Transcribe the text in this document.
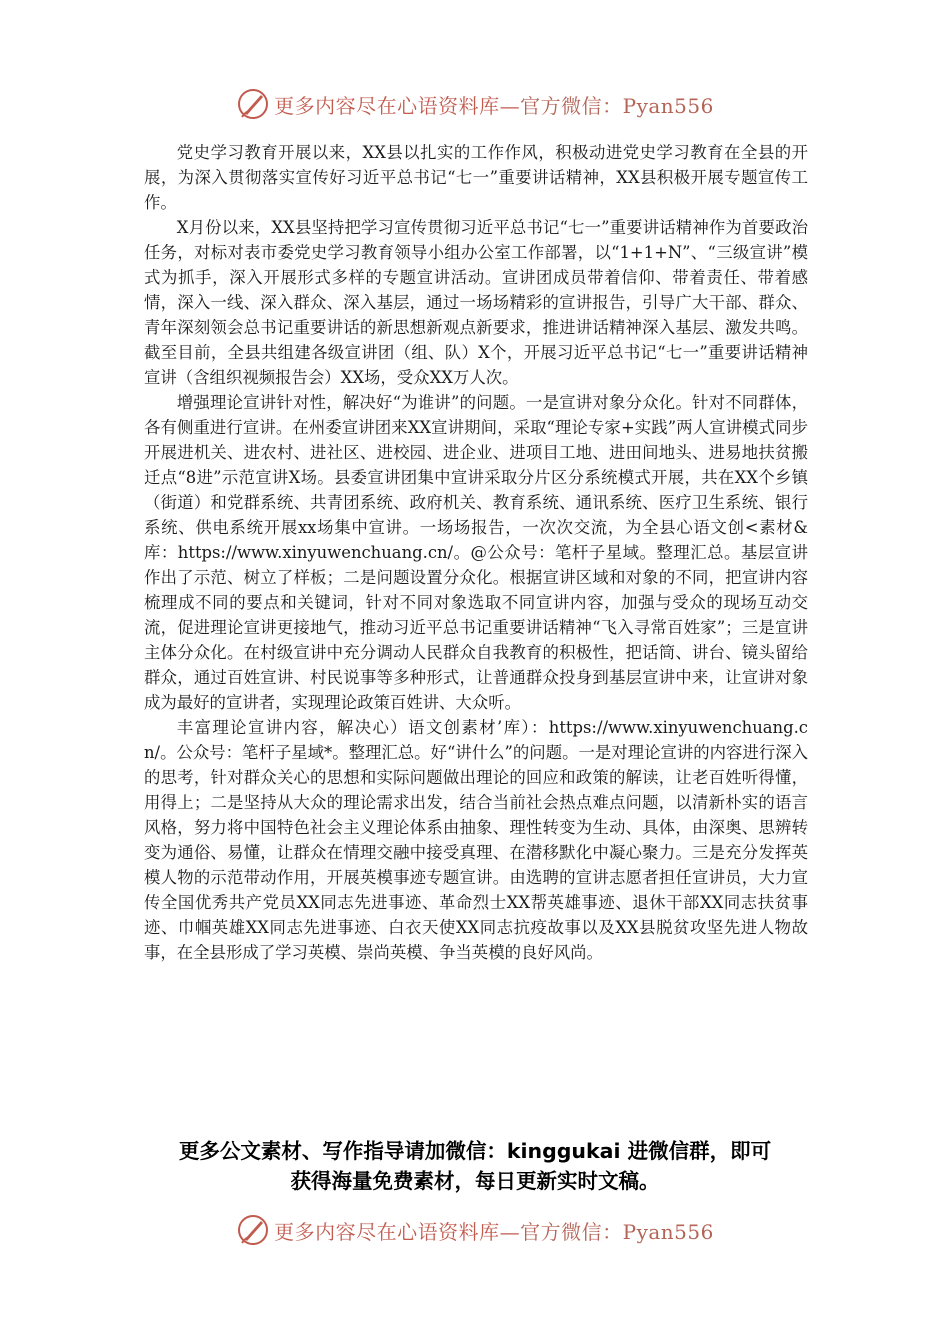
更多内容尽在心语资料库—官方微信：Pyan556

党史学习教育开展以来，XX县以扎实的工作作风，积极动进党史学习教育在全县的开展，为深入贯彻落实宣传好习近平总书记“七一”重要讲话精神，XX县积极开展专题宣传工作。

X月份以来，XX县坚持把学习宣传贯彻习近平总书记“七一”重要讲话精神作为首要政治任务，对标对表市委党史学习教育领导小组办公室工作部署，以“1+1+N”、“三级宣讲”模式为抓手，深入开展形式多样的专题宣讲活动。宣讲团成员带着信仰、带着责任、带着感情，深入一线、深入群众、深入基层，通过一场场精彩的宣讲报告，引导广大干部、群众、青年深刻领会总书记重要讲话的新思想新观点新要求，推进讲话精神深入基层、激发共鸣。截至目前，全县共组建各级宣讲团（组、队）X个，开展习近平总书记“七一”重要讲话精神宣讲（含组织视频报告会）XX场，受众XX万人次。

增强理论宣讲针对性，解决好“为谁讲”的问题。一是宣讲对象分众化。针对不同群体，各有侧重进行宣讲。在州委宣讲团来XX宣讲期间，采取“理论专家+实践”两人宣讲模式同步开展进机关、进农村、进社区、进校园、进企业、进项目工地、进田间地头、进易地扶贫搬迁点“8进”示范宣讲X场。县委宣讲团集中宣讲采取分片区分系统模式开展，共在XX个乡镇（街道）和党群系统、共青团系统、政府机关、教育系统、通讯系统、医疗卫生系统、银行系统、供电系统开展xx场集中宣讲。一场场报告，一次次交流，为全县心语文创<素材&库：https://www.xinyuwenchuang.cn/。@公众号：笔杆子星域。整理汇总。基层宣讲作出了示范、树立了样板；二是问题设置分众化。根据宣讲区域和对象的不同，把宣讲内容梳理成不同的要点和关键词，针对不同对象选取不同宣讲内容，加强与受众的现场互动交流，促进理论宣讲更接地气，推动习近平总书记重要讲话精神“飞入寻常百姓家”；三是宣讲主体分众化。在村级宣讲中充分调动人民群众自我教育的积极性，把话筒、讲台、镜头留给群众，通过百姓宣讲、村民说事等多种形式，让普通群众投身到基层宣讲中来，让宣讲对象成为最好的宣讲者，实现理论政策百姓讲、大众听。

丰富理论宣讲内容，解决心）语文创素材’库）：https://www.xinyuwenchuang.cn/。公众号：笔杆子星域*。整理汇总。好“讲什么”的问题。一是对理论宣讲的内容进行深入的思考，针对群众关心的思想和实际问题做出理论的回应和政策的解读，让老百姓听得懂，用得上；二是坚持从大众的理论需求出发，结合当前社会热点难点问题，以清新朴实的语言风格，努力将中国特色社会主义理论体系由抽象、理性转变为生动、具体，由深奥、思辨转变为通俗、易懂，让群众在情理交融中接受真理、在潜移默化中凝心聚力。三是充分发挥英模人物的示范带动作用，开展英模事迹专题宣讲。由选聘的宣讲志愿者担任宣讲员，大力宣传全国优秀共产党员XX同志先进事迹、革命烈士XX帮英雄事迹、退休干部XX同志扶贫事迹、巾帼英雄XX同志先进事迹、白衣天使XX同志抗疫故事以及XX县脱贫攻坚先进人物故事，在全县形成了学习英模、崇尚英模、争当英模的良好风尚。

更多公文素材、写作指导请加微信：kinggukai 进微信群，即可
获得海量免费素材，每日更新实时文稿。
更多内容尽在心语资料库—官方微信：Pyan556
